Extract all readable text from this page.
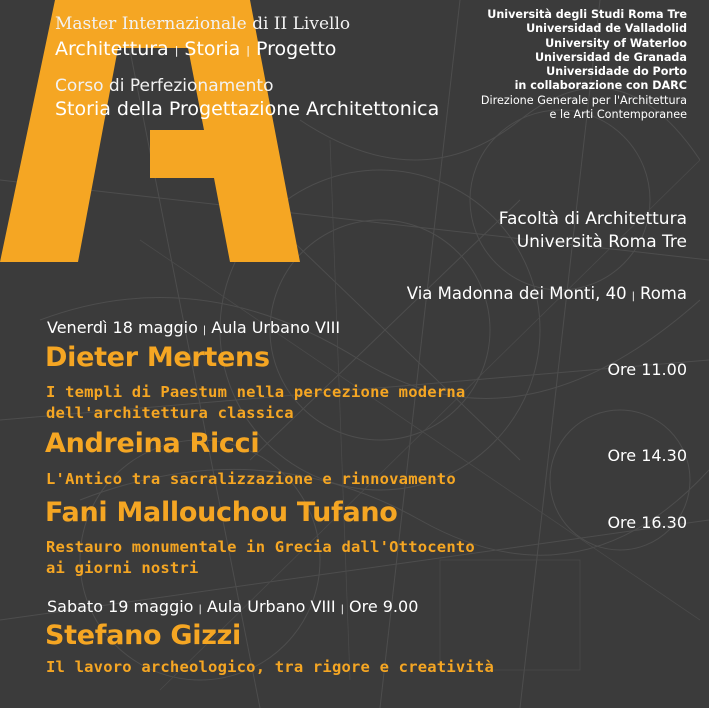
Master Internazionale di II Livello
Architettura | Storia | Progetto
Corso di Perfezionamento
Storia della Progettazione Architettonica
Università degli Studi Roma Tre
Universidad de Valladolid
University of Waterloo
Universidad de Granada
Universidade do Porto
in collaborazione con DARC
Direzione Generale per l'Architettura
e le Arti Contemporanee
Facoltà di Architettura
Università Roma Tre
Via Madonna dei Monti, 40 | Roma
Venerdì 18 maggio | Aula Urbano VIII
Dieter Mertens	Ore 11.00
I templi di Paestum nella percezione moderna
dell'architettura classica
Andreina Ricci	Ore 14.30
L'Antico tra sacralizzazione e rinnovamento
Fani Mallouchou Tufano	Ore 16.30
Restauro monumentale in Grecia dall'Ottocento
ai giorni nostri
Sabato 19 maggio | Aula Urbano VIII | Ore 9.00
Stefano Gizzi
Il lavoro archeologico, tra rigore e creatività
